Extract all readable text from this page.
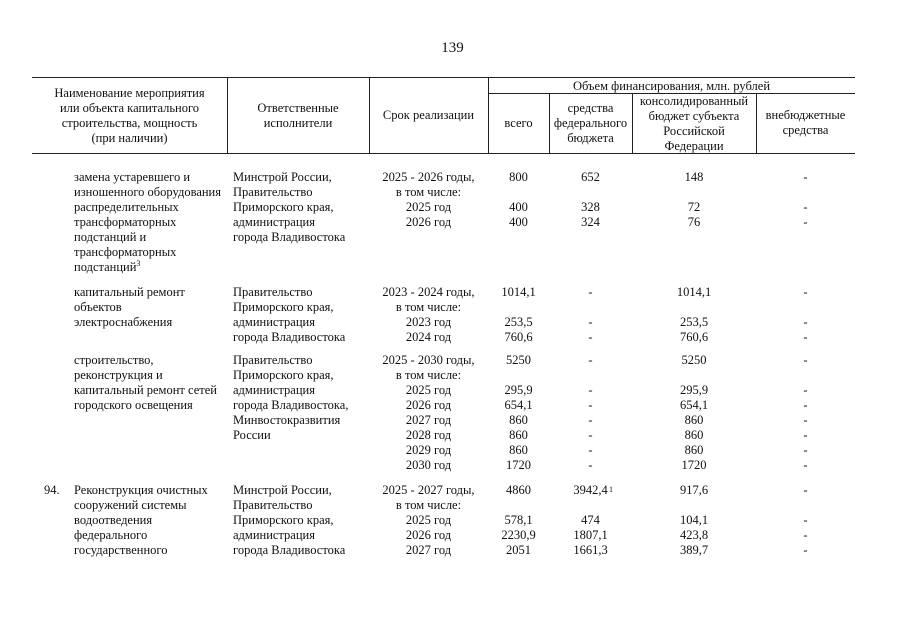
139
Наименование мероприятия
или объекта капитального
строительства, мощность
(при наличии)
Ответственные
исполнители
Срок реализации
Объем финансирования, млн. рублей
всего
средства
федерального
бюджета
консолидированный
бюджет субъекта
Российской
Федерации
внебюджетные
средства
замена устаревшего и
изношенного оборудования
распределительных
трансформаторных
подстанций и
трансформаторных
подстанций$^3$
Минстрой России,
Правительство
Приморского края,
администрация
города Владивостока
2025 - 2026 годы,
в том числе:
2025 год
2026 год
800

400
400
652

328
324
148

72
76
-

-
-
капитальный ремонт
объектов
электроснабжения
Правительство
Приморского края,
администрация
города Владивостока
2023 - 2024 годы,
в том числе:
2023 год
2024 год
1014,1

253,5
760,6
-

-
-
1014,1

253,5
760,6
-

-
-
строительство,
реконструкция и
капитальный ремонт сетей
городского освещения
Правительство
Приморского края,
администрация
города Владивостока,
Минвостокразвития
России
2025 - 2030 годы,
в том числе:
2025 год
2026 год
2027 год
2028 год
2029 год
2030 год
5250

295,9
654,1
860
860
860
1720
-

-
-
-
-
-
-
5250

295,9
654,1
860
860
860
1720
-

-
-
-
-
-
-
94. Реконструкция очистных
сооружений системы
водоотведения
федерального
государственного
Минстрой России,
Правительство
Приморского края,
администрация
города Владивостока
2025 - 2027 годы,
в том числе:
2025 год
2026 год
2027 год
4860

578,1
2230,9
2051
3942,4

474
1807,1
1661,3
1	917,6

104,1
423,8
389,7
-

-
-
-
